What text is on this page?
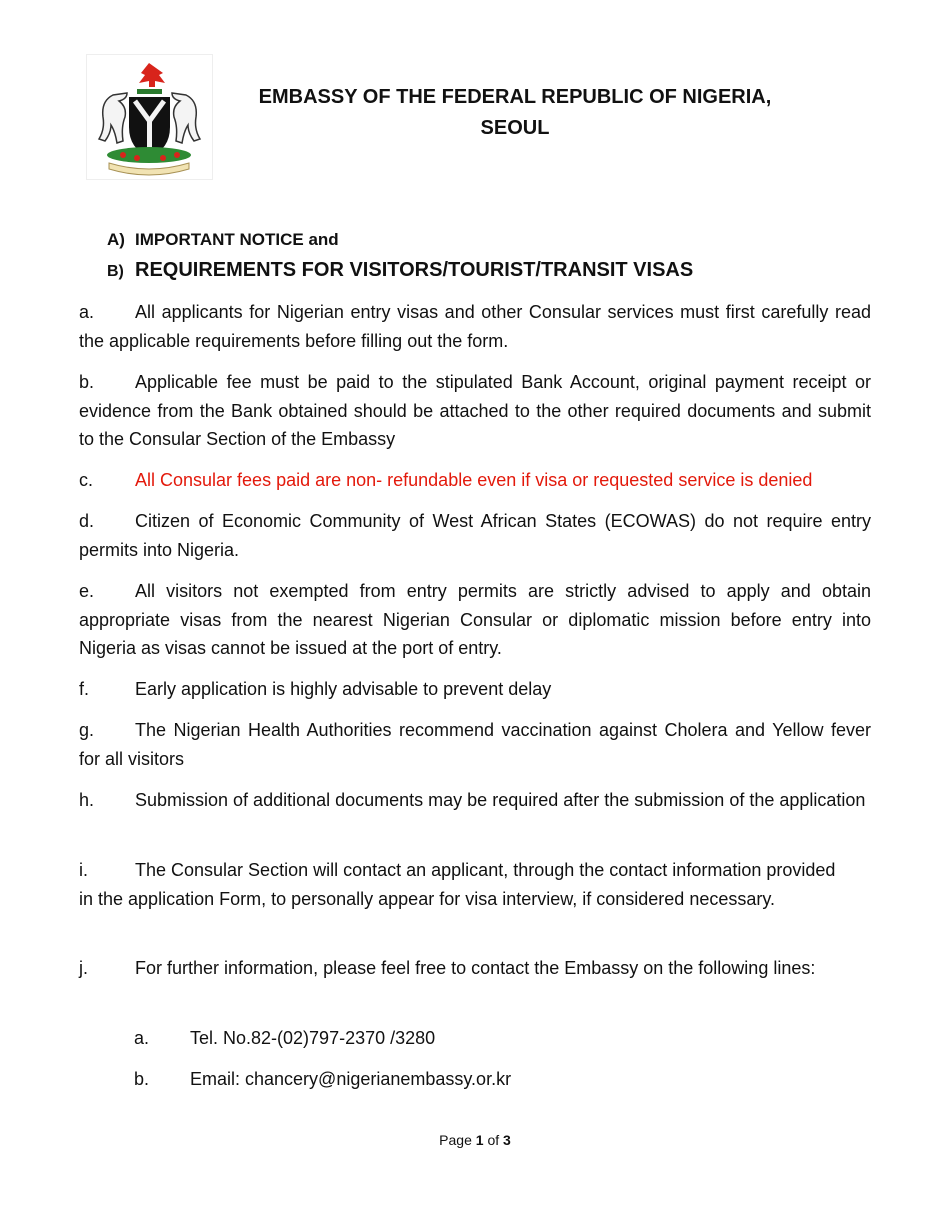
EMBASSY OF THE FEDERAL REPUBLIC OF NIGERIA,
SEOUL
A) IMPORTANT NOTICE and
B) REQUIREMENTS FOR VISITORS/TOURIST/TRANSIT VISAS
a. All applicants for Nigerian entry visas and other Consular services must first carefully read the applicable requirements before filling out the form.
b. Applicable fee must be paid to the stipulated Bank Account, original payment receipt or evidence from the Bank obtained should be attached to the other required documents and submit to the Consular Section of the Embassy
c. All Consular fees paid are non- refundable even if visa or requested service is denied
d. Citizen of Economic Community of West African States (ECOWAS) do not require entry permits into Nigeria.
e. All visitors not exempted from entry permits are strictly advised to apply and obtain appropriate visas from the nearest Nigerian Consular or diplomatic mission before entry into Nigeria as visas cannot be issued at the port of entry.
f.	Early application is highly advisable to prevent delay
g. The Nigerian Health Authorities recommend vaccination against Cholera and Yellow fever for all visitors
h. Submission of additional documents may be required after the submission of the application
i.	The Consular Section will contact an applicant, through the contact information provided in the application Form, to personally appear for visa interview, if considered necessary.
j.	For further information, please feel free to contact the Embassy on the following lines:
a. Tel. No.82-(02)797-2370 /3280
b. Email: chancery@nigerianembassy.or.kr
Page 1 of 3
